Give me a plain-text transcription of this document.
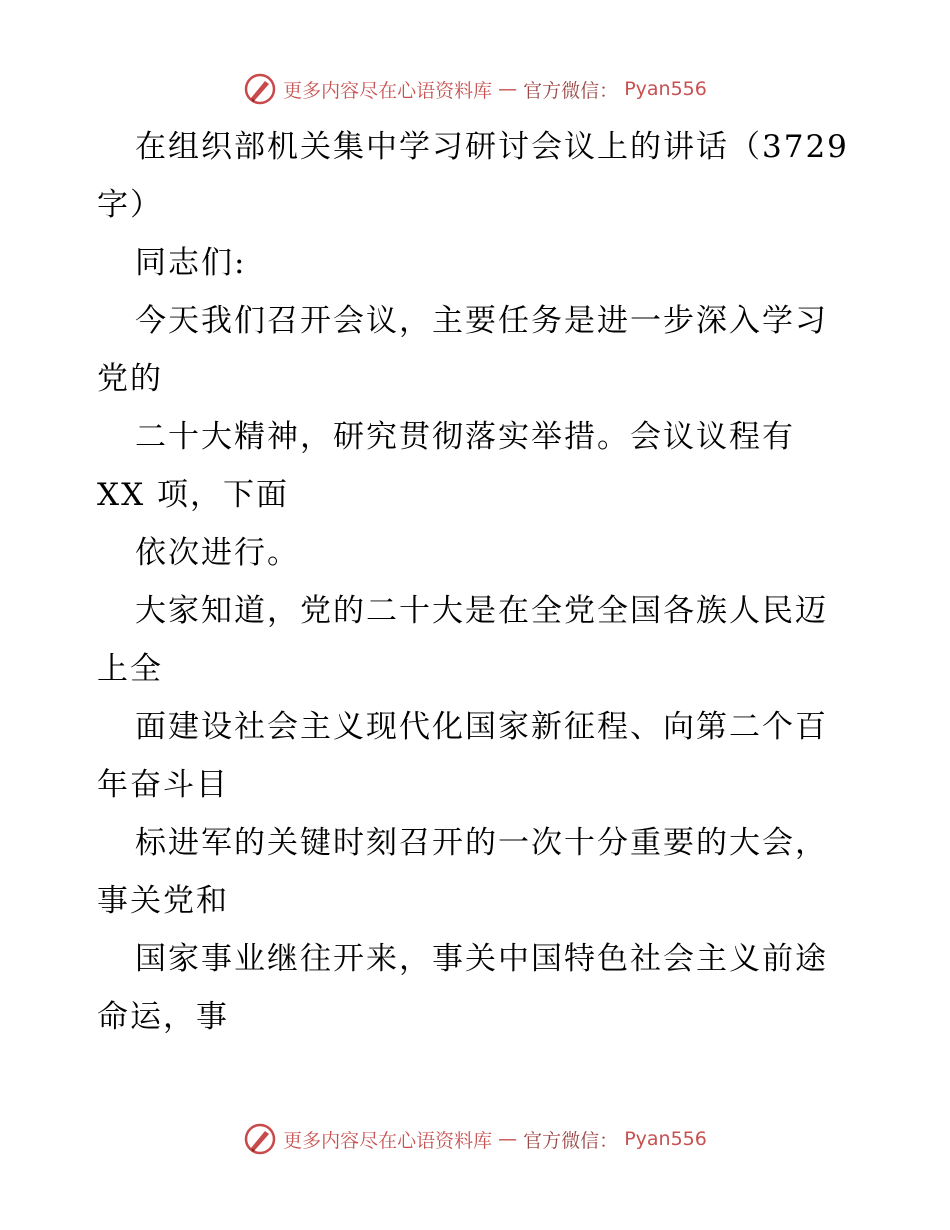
更多内容尽在心语资料库 — 官方微信： Pyan556
在组织部机关集中学习研讨会议上的讲话（3729
字）
同志们:
今天我们召开会议，主要任务是进一步深入学习
党的
二十大精神，研究贯彻落实举措。会议议程有
XX 项，下面
依次进行。
大家知道，党的二十大是在全党全国各族人民迈
上全
面建设社会主义现代化国家新征程、向第二个百
年奋斗目
标进军的关键时刻召开的一次十分重要的大会，
事关党和
国家事业继往开来，事关中国特色社会主义前途
命运，事
更多内容尽在心语资料库 — 官方微信： Pyan556
